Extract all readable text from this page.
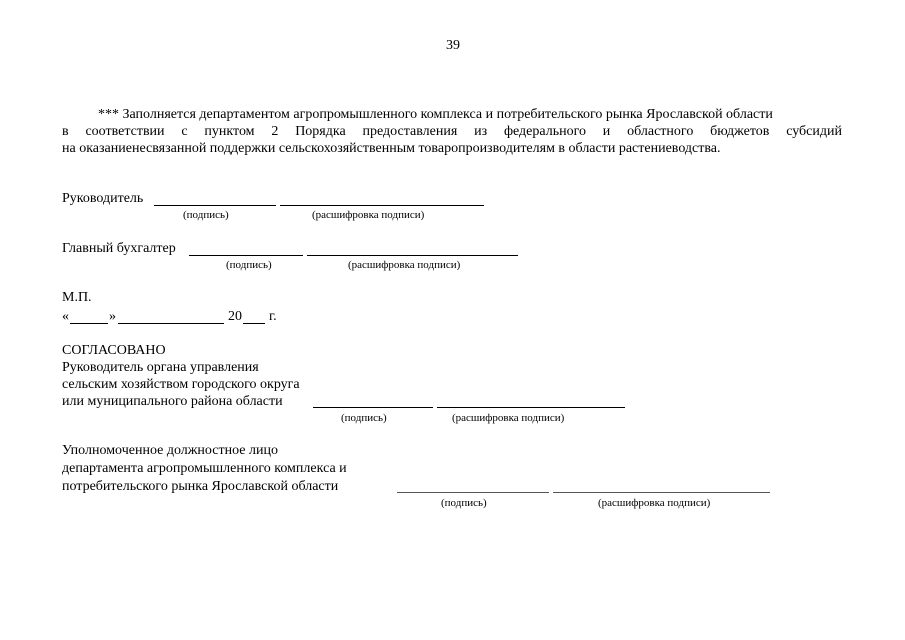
39
*** Заполняется департаментом агропромышленного комплекса и потребительского рынка Ярославской области
в соответствии с пунктом 2 Порядка предоставления из федерального и областного бюджетов субсидий
на оказаниенесвязанной поддержки сельскохозяйственным товаропроизводителям в области растениеводства.
Руководитель
(подпись)	(расшифровка подписи)
Главный бухгалтер
(подпись)	(расшифровка подписи)
М.П.
«	»	20 г.
СОГЛАСОВАНО
Руководитель органа управления
сельским хозяйством городского округа
или муниципального района области
(подпись)	(расшифровка подписи)
Уполномоченное должностное лицо
департамента агропромышленного комплекса и
потребительского рынка Ярославской области
(подпись)	(расшифровка подписи)
